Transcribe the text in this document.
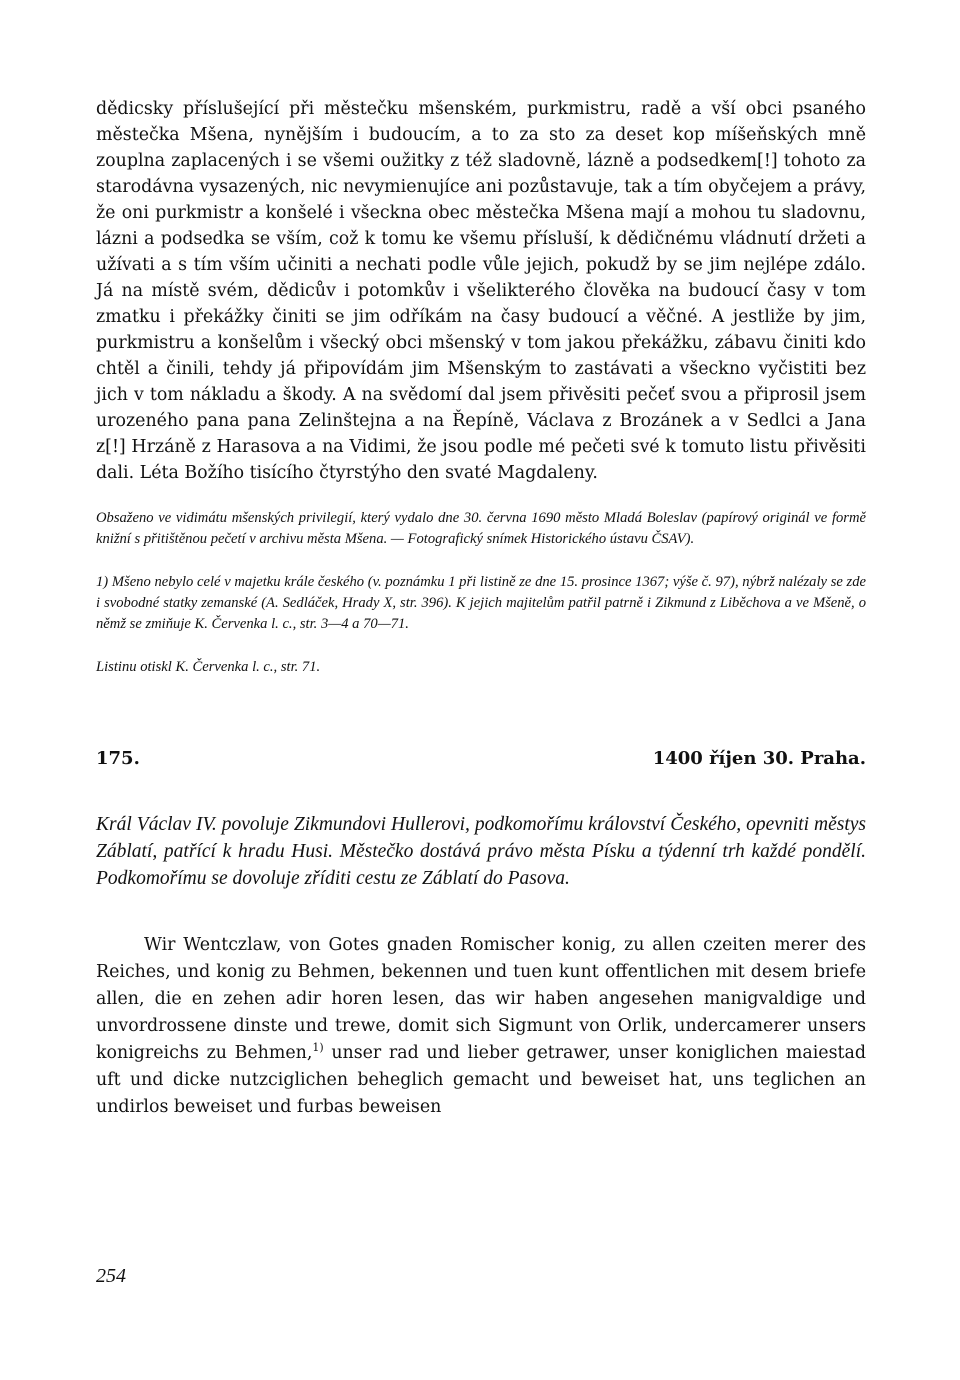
dědicsky příslušející při městečku mšenském, purkmistru, radě a vší obci psaného městečka Mšena, nynějším i budoucím, a to za sto za deset kop míšeňských mně zouplna zaplacených i se všemi oužitky z též sladovně, lázně a podsedkem[!] tohoto za starodávna vysazených, nic nevymienujíce ani pozůstavuje, tak a tím obyčejem a právy, že oni purkmistr a konšelé i všeckna obec městečka Mšena mají a mohou tu sladovnu, lázni a podsedka se vším, což k tomu ke všemu přísluší, k dědičnému vládnutí držeti a užívati a s tím vším učiniti a nechati podle vůle jejich, pokudž by se jim nejlépe zdálo. Já na místě svém, dědicův i potomkův i všelikterého člověka na budoucí časy v tom zmatku i překážky činiti se jim odříkám na časy budoucí a věčné. A jestliže by jim, purkmistru a konšelům i všecký obci mšenský v tom jakou překážku, zábavu činiti kdo chtěl a činili, tehdy já připovídám jim Mšenským to zastávati a všeckno vyčistiti bez jich v tom nákladu a škody. A na svědomí dal jsem přivěsiti pečeť svou a připrosil jsem urozeného pana pana Zelinštejna a na Řepíně, Václava z Brozánek a v Sedlci a Jana z[!] Hrzáně z Harasova a na Vidimi, že jsou podle mé pečeti své k tomuto listu přivěsiti dali. Léta Božího tisícího čtyrstýho den svaté Magdaleny.

Obsaženo ve vidimátu mšenských privilegií, který vydalo dne 30. června 1690 město Mladá Boleslav (papírový originál ve formě knižní s přitištěnou pečetí v archivu města Mšena. — Fotografický snímek Historického ústavu ČSAV).

1) Mšeno nebylo celé v majetku krále českého (v. poznámku 1 při listině ze dne 15. prosince 1367; výše č. 97), nýbrž nalézaly se zde i svobodné statky zemanské (A. Sedláček, Hrady X, str. 396). K jejich majitelům patřil patrně i Zikmund z Liběchova a ve Mšeně, o němž se zmiňuje K. Červenka l. c., str. 3—4 a 70—71.

Listinu otiskl K. Červenka l. c., str. 71.

175.	1400 říjen 30. Praha.

Král Václav IV. povoluje Zikmundovi Hullerovi, podkomořímu království Českého, opevniti městys Záblatí, patřící k hradu Husi. Městečko dostává právo města Písku a týdenní trh každé pondělí. Podkomořímu se dovoluje zříditi cestu ze Záblatí do Pasova.

Wir Wentczlaw, von Gotes gnaden Romischer konig, zu allen czeiten merer des Reiches, und konig zu Behmen, bekennen und tuen kunt offentlichen mit desem briefe allen, die en zehen adir horen lesen, das wir haben angesehen manigvaldige und unvordrossene dinste und trewe, domit sich Sigmunt von Orlik, undercamerer unsers konigreichs zu Behmen,$^{1)}$ unser rad und lieber getrawer, unser koniglichen maiestad uft und dicke nutzciglichen beheglich gemacht und beweiset hat, uns teglichen an undirlos beweiset und furbas beweisen

254
